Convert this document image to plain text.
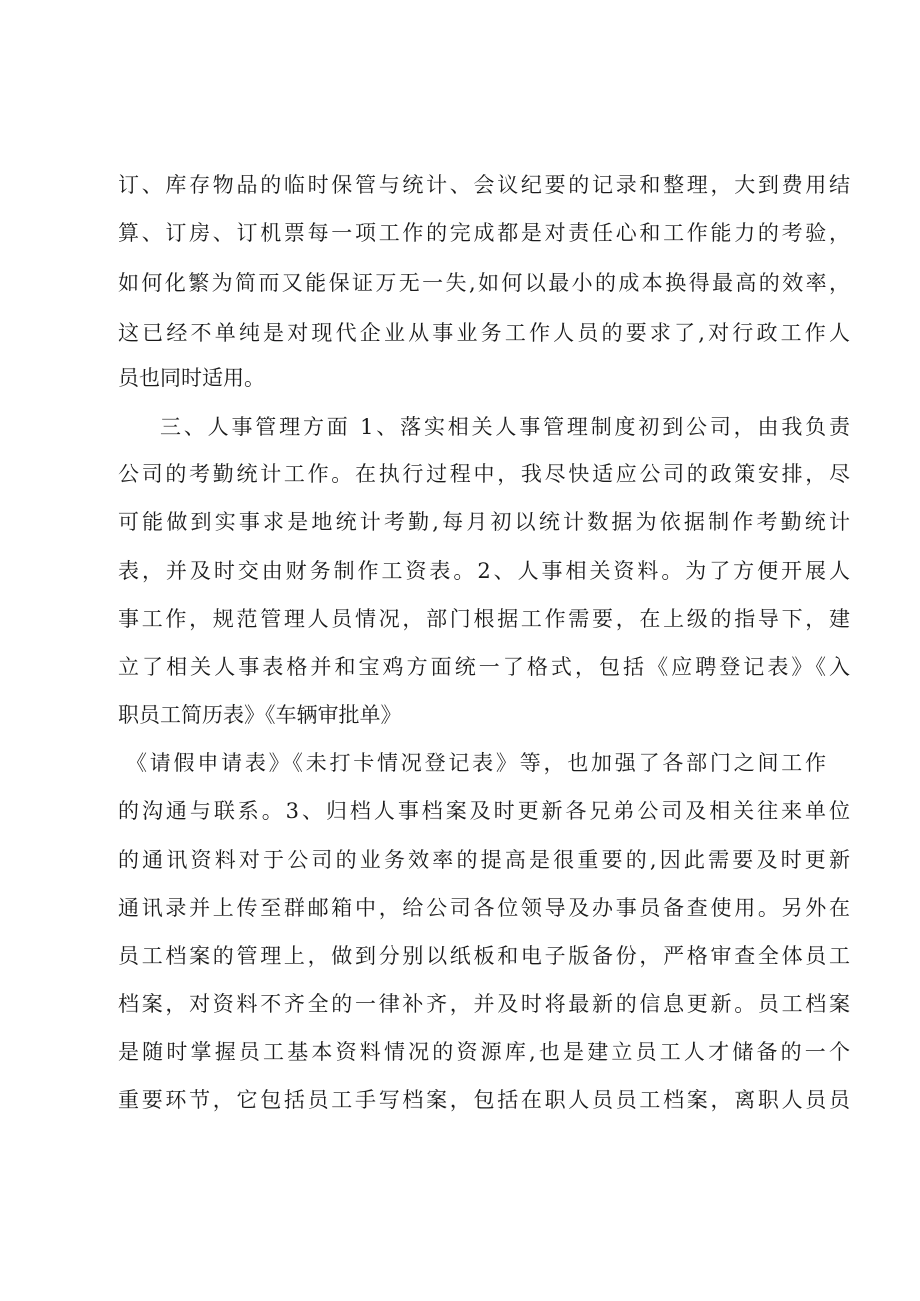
订、库存物品的临时保管与统计、会议纪要的记录和整理，大到费用结
算、订房、订机票每一项工作的完成都是对责任心和工作能力的考验，
如何化繁为简而又能保证万无一失,如何以最小的成本换得最高的效率，
这已经不单纯是对现代企业从事业务工作人员的要求了,对行政工作人
员也同时适用。
三、人事管理方面 1、落实相关人事管理制度初到公司，由我负责
公司的考勤统计工作。在执行过程中，我尽快适应公司的政策安排，尽
可能做到实事求是地统计考勤,每月初以统计数据为依据制作考勤统计
表，并及时交由财务制作工资表。2、人事相关资料。为了方便开展人
事工作，规范管理人员情况，部门根据工作需要，在上级的指导下，建
立了相关人事表格并和宝鸡方面统一了格式，包括《应聘登记表》《入
职员工简历表》《车辆审批单》
《请假申请表》《未打卡情况登记表》等，也加强了各部门之间工作
的沟通与联系。3、归档人事档案及时更新各兄弟公司及相关往来单位
的通讯资料对于公司的业务效率的提高是很重要的,因此需要及时更新
通讯录并上传至群邮箱中，给公司各位领导及办事员备查使用。另外在
员工档案的管理上，做到分别以纸板和电子版备份，严格审查全体员工
档案，对资料不齐全的一律补齐，并及时将最新的信息更新。员工档案
是随时掌握员工基本资料情况的资源库,也是建立员工人才储备的一个
重要环节，它包括员工手写档案，包括在职人员员工档案，离职人员员
